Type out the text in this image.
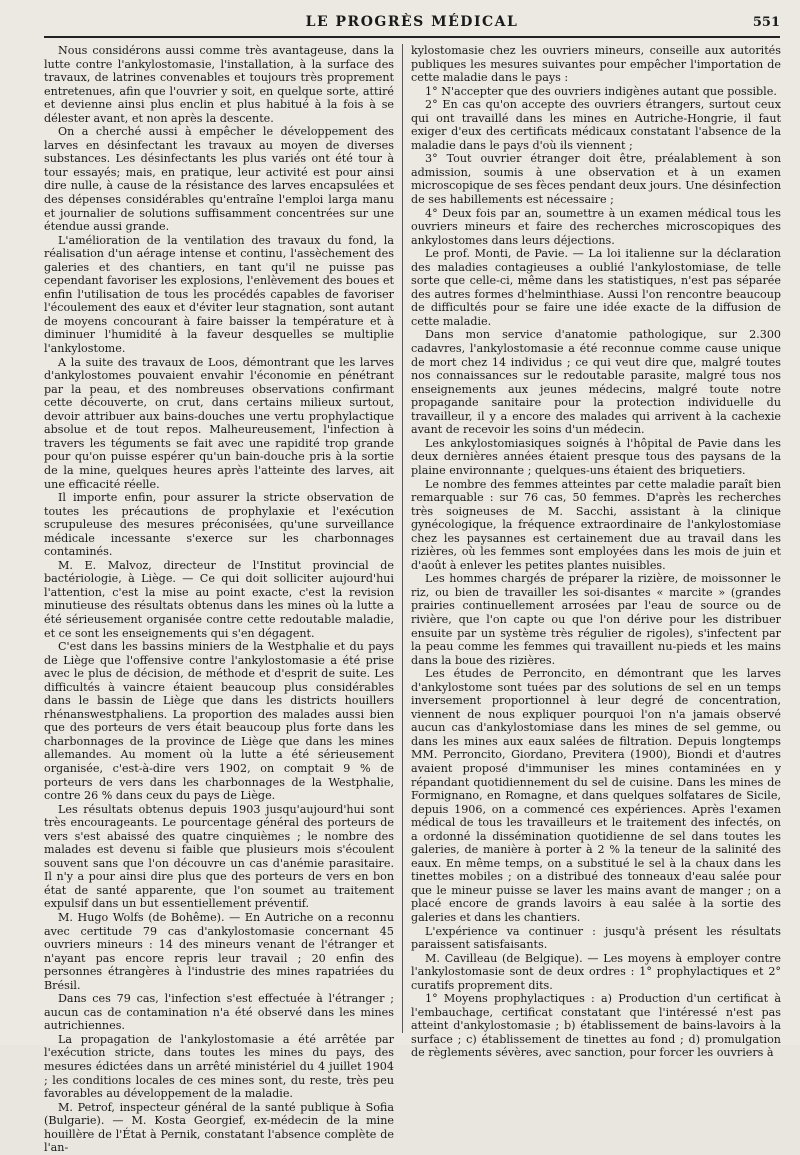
LE PROGRÈS MÉDICAL	551

Nous considérons aussi comme très avantageuse, dans la lutte contre l'ankylostomasie, l'installation, à la surface des travaux, de latrines convenables et toujours très proprement entretenues, afin que l'ouvrier y soit, en quelque sorte, attiré et devienne ainsi plus enclin et plus habitué à la fois à se délester avant, et non après la descente.

On a cherché aussi à empêcher le développement des larves en désinfectant les travaux au moyen de diverses substances. Les désinfectants les plus variés ont été tour à tour essayés; mais, en pratique, leur activité est pour ainsi dire nulle, à cause de la résistance des larves encapsulées et des dépenses considérables qu'entraîne l'emploi larga manu et journalier de solutions suffisamment concentrées sur une étendue aussi grande.

L'amélioration de la ventilation des travaux du fond, la réalisation d'un aérage intense et continu, l'assèchement des galeries et des chantiers, en tant qu'il ne puisse pas cependant favoriser les explosions, l'enlèvement des boues et enfin l'utilisation de tous les procédés capables de favoriser l'écoulement des eaux et d'éviter leur stagnation, sont autant de moyens concourant à faire baisser la température et à diminuer l'humidité à la faveur desquelles se multiplie l'ankylostome.

A la suite des travaux de Loos, démontrant que les larves d'ankylostomes pouvaient envahir l'économie en pénétrant par la peau, et des nombreuses observations confirmant cette découverte, on crut, dans certains milieux surtout, devoir attribuer aux bains-douches une vertu prophylactique absolue et de tout repos. Malheureusement, l'infection à travers les téguments se fait avec une rapidité trop grande pour qu'on puisse espérer qu'un bain-douche pris à la sortie de la mine, quelques heures après l'atteinte des larves, ait une efficacité réelle.

Il importe enfin, pour assurer la stricte observation de toutes les précautions de prophylaxie et l'exécution scrupuleuse des mesures préconisées, qu'une surveillance médicale incessante s'exerce sur les charbonnages contaminés.

M. E. Malvoz, directeur de l'Institut provincial de bactériologie, à Liège. — Ce qui doit solliciter aujourd'hui l'attention, c'est la mise au point exacte, c'est la revision minutieuse des résultats obtenus dans les mines où la lutte a été sérieusement organisée contre cette redoutable maladie, et ce sont les enseignements qui s'en dégagent.

C'est dans les bassins miniers de la Westphalie et du pays de Liège que l'offensive contre l'ankylostomasie a été prise avec le plus de décision, de méthode et d'esprit de suite. Les difficultés à vaincre étaient beaucoup plus considérables dans le bassin de Liège que dans les districts houillers rhénanswestphaliens. La proportion des malades aussi bien que des porteurs de vers était beaucoup plus forte dans les charbonnages de la province de Liège que dans les mines allemandes. Au moment où la lutte a été sérieusement organisée, c'est-à-dire vers 1902, on comptait 9 % de porteurs de vers dans les charbonnages de la Westphalie, contre 26 % dans ceux du pays de Liège.

Les résultats obtenus depuis 1903 jusqu'aujourd'hui sont très encourageants. Le pourcentage général des porteurs de vers s'est abaissé des quatre cinquièmes ; le nombre des malades est devenu si faible que plusieurs mois s'écoulent souvent sans que l'on découvre un cas d'anémie parasitaire. Il n'y a pour ainsi dire plus que des porteurs de vers en bon état de santé apparente, que l'on soumet au traitement expulsif dans un but essentiellement préventif.

M. Hugo Wolfs (de Bohême). — En Autriche on a reconnu avec certitude 79 cas d'ankylostomasie concernant 45 ouvriers mineurs : 14 des mineurs venant de l'étranger et n'ayant pas encore repris leur travail ; 20 enfin des personnes étrangères à l'industrie des mines rapatriées du Brésil.

Dans ces 79 cas, l'infection s'est effectuée à l'étranger ; aucun cas de contamination n'a été observé dans les mines autrichiennes.

La propagation de l'ankylostomasie a été arrêtée par l'exécution stricte, dans toutes les mines du pays, des mesures édictées dans un arrêté ministériel du 4 juillet 1904 ; les conditions locales de ces mines sont, du reste, très peu favorables au développement de la maladie.

M. Petrof, inspecteur général de la santé publique à Sofia (Bulgarie). — M. Kosta Georgief, ex-médecin de la mine houillère de l'État à Pernik, constatant l'absence complète de l'an-

kylostomasie chez les ouvriers mineurs, conseille aux autorités publiques les mesures suivantes pour empêcher l'importation de cette maladie dans le pays :

1° N'accepter que des ouvriers indigènes autant que possible.

2° En cas qu'on accepte des ouvriers étrangers, surtout ceux qui ont travaillé dans les mines en Autriche-Hongrie, il faut exiger d'eux des certificats médicaux constatant l'absence de la maladie dans le pays d'où ils viennent ;

3° Tout ouvrier étranger doit être, préalablement à son admission, soumis à une observation et à un examen microscopique de ses fèces pendant deux jours. Une désinfection de ses habillements est nécessaire ;

4° Deux fois par an, soumettre à un examen médical tous les ouvriers mineurs et faire des recherches microscopiques des ankylostomes dans leurs déjections.

Le prof. Monti, de Pavie. — La loi italienne sur la déclaration des maladies contagieuses a oublié l'ankylostomiase, de telle sorte que celle-ci, même dans les statistiques, n'est pas séparée des autres formes d'helminthiase. Aussi l'on rencontre beaucoup de difficultés pour se faire une idée exacte de la diffusion de cette maladie.

Dans mon service d'anatomie pathologique, sur 2.300 cadavres, l'ankylostomasie a été reconnue comme cause unique de mort chez 14 individus ; ce qui veut dire que, malgré toutes nos connaissances sur le redoutable parasite, malgré tous nos enseignements aux jeunes médecins, malgré toute notre propagande sanitaire pour la protection individuelle du travailleur, il y a encore des malades qui arrivent à la cachexie avant de recevoir les soins d'un médecin.

Les ankylostomiasiques soignés à l'hôpital de Pavie dans les deux dernières années étaient presque tous des paysans de la plaine environnante ; quelques-uns étaient des briquetiers.

Le nombre des femmes atteintes par cette maladie paraît bien remarquable : sur 76 cas, 50 femmes. D'après les recherches très soigneuses de M. Sacchi, assistant à la clinique gynécologique, la fréquence extraordinaire de l'ankylostomiase chez les paysannes est certainement due au travail dans les rizières, où les femmes sont employées dans les mois de juin et d'août à enlever les petites plantes nuisibles.

Les hommes chargés de préparer la rizière, de moissonner le riz, ou bien de travailler les soi-disantes « marcite » (grandes prairies continuellement arrosées par l'eau de source ou de rivière, que l'on capte ou que l'on dérive pour les distribuer ensuite par un système très régulier de rigoles), s'infectent par la peau comme les femmes qui travaillent nu-pieds et les mains dans la boue des rizières.

Les études de Perroncito, en démontrant que les larves d'ankylostome sont tuées par des solutions de sel en un temps inversement proportionnel à leur degré de concentration, viennent de nous expliquer pourquoi l'on n'a jamais observé aucun cas d'ankylostomiase dans les mines de sel gemme, ou dans les mines aux eaux salées de filtration. Depuis longtemps MM. Perroncito, Giordano, Previtera (1900), Biondi et d'autres avaient proposé d'immuniser les mines contaminées en y répandant quotidiennement du sel de cuisine. Dans les mines de Formignano, en Romagne, et dans quelques solfatares de Sicile, depuis 1906, on a commencé ces expériences. Après l'examen médical de tous les travailleurs et le traitement des infectés, on a ordonné la dissémination quotidienne de sel dans toutes les galeries, de manière à porter à 2 % la teneur de la salinité des eaux. En même temps, on a substitué le sel à la chaux dans les tinettes mobiles ; on a distribué des tonneaux d'eau salée pour que le mineur puisse se laver les mains avant de manger ; on a placé encore de grands lavoirs à eau salée à la sortie des galeries et dans les chantiers.

L'expérience va continuer : jusqu'à présent les résultats paraissent satisfaisants.

M. Cavilleau (de Belgique). — Les moyens à employer contre l'ankylostomasie sont de deux ordres : 1° prophylactiques et 2° curatifs proprement dits.

1° Moyens prophylactiques : a) Production d'un certificat à l'embauchage, certificat constatant que l'intéressé n'est pas atteint d'ankylostomasie ; b) établissement de bains-lavoirs à la surface ; c) établissement de tinettes au fond ; d) promulgation de règlements sévères, avec sanction, pour forcer les ouvriers à
